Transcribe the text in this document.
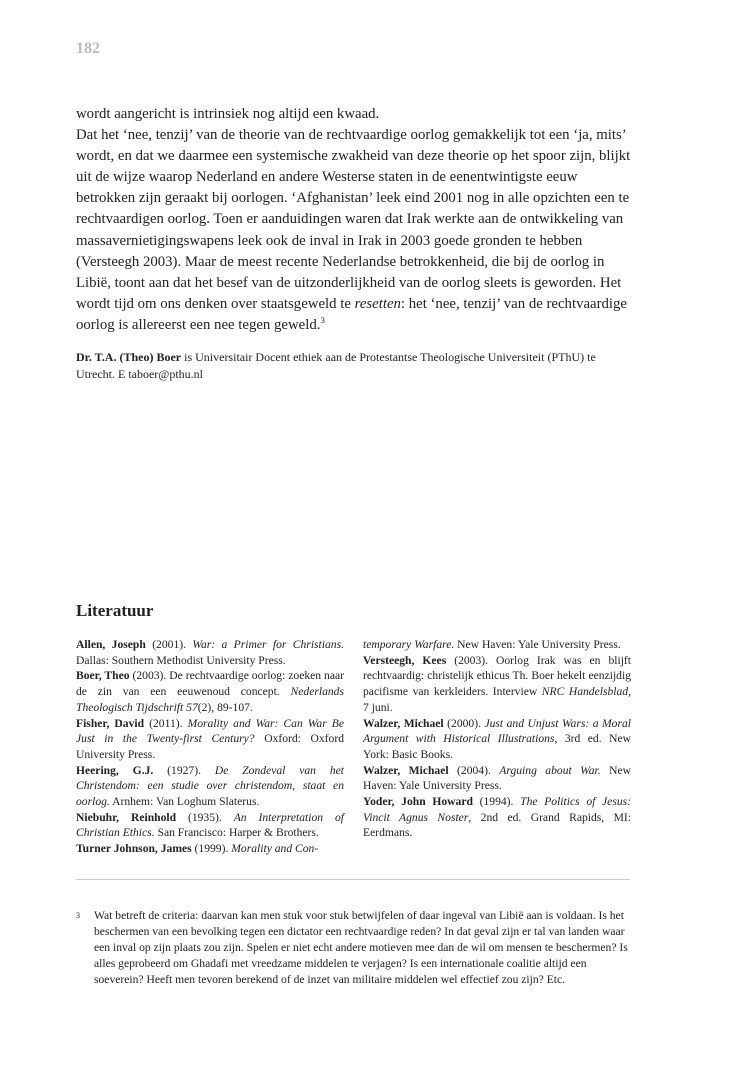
182

wordt aangericht is intrinsiek nog altijd een kwaad.

Dat het ‘nee, tenzij’ van de theorie van de rechtvaardige oorlog gemakkelijk tot een ‘ja, mits’ wordt, en dat we daarmee een systemische zwakheid van deze theorie op het spoor zijn, blijkt uit de wijze waarop Nederland en andere Westerse staten in de eenentwintigste eeuw betrokken zijn geraakt bij oorlogen. ‘Afghanistan’ leek eind 2001 nog in alle opzichten een te rechtvaardigen oorlog. Toen er aanduidingen waren dat Irak werkte aan de ontwikkeling van massavernietigingswapens leek ook de inval in Irak in 2003 goede gronden te hebben (Versteegh 2003). Maar de meest recente Nederlandse betrokkenheid, die bij de oorlog in Libië, toont aan dat het besef van de uitzonderlijkheid van de oorlog sleets is geworden. Het wordt tijd om ons denken over staatsgeweld te resetten: het ‘nee, tenzij’ van de rechtvaardige oorlog is allereerst een nee tegen geweld.$^3$

Dr. T.A. (Theo) Boer is Universitair Docent ethiek aan de Protestantse Theologische Universiteit (PThU) te Utrecht. E taboer@pthu.nl
Literatuur

Allen, Joseph (2001). War: a Primer for Christians. Dallas: Southern Methodist University Press.

Boer, Theo (2003). De rechtvaardige oorlog: zoeken naar de zin van een eeuwenoud concept. Nederlands Theologisch Tijdschrift 57(2), 89-107.

Fisher, David (2011). Morality and War: Can War Be Just in the Twenty-first Century? Oxford: Oxford University Press.

Heering, G.J. (1927). De Zondeval van het Christendom: een studie over christendom, staat en oorlog. Arnhem: Van Loghum Slaterus.

Niebuhr, Reinhold (1935). An Interpretation of Christian Ethics. San Francisco: Harper & Brothers.

Turner Johnson, James (1999). Morality and Con-

temporary Warfare. New Haven: Yale University Press.

Versteegh, Kees (2003). Oorlog Irak was en blijft rechtvaardig: christelijk ethicus Th. Boer hekelt eenzijdig pacifisme van kerkleiders. Interview NRC Handelsblad, 7 juni.

Walzer, Michael (2000). Just and Unjust Wars: a Moral Argument with Historical Illustrations, 3rd ed. New York: Basic Books.

Walzer, Michael (2004). Arguing about War. New Haven: Yale University Press.

Yoder, John Howard (1994). The Politics of Jesus: Vincit Agnus Noster, 2nd ed. Grand Rapids, MI: Eerdmans.

3 Wat betreft de criteria: daarvan kan men stuk voor stuk betwijfelen of daar ingeval van Libië aan is voldaan. Is het beschermen van een bevolking tegen een dictator een rechtvaardige reden? In dat geval zijn er tal van landen waar een inval op zijn plaats zou zijn. Spelen er niet echt andere motieven mee dan de wil om mensen te beschermen? Is alles geprobeerd om Ghadafi met vreedzame middelen te verjagen? Is een internationale coalitie altijd een soeverein? Heeft men tevoren berekend of de inzet van militaire middelen wel effectief zou zijn? Etc.
